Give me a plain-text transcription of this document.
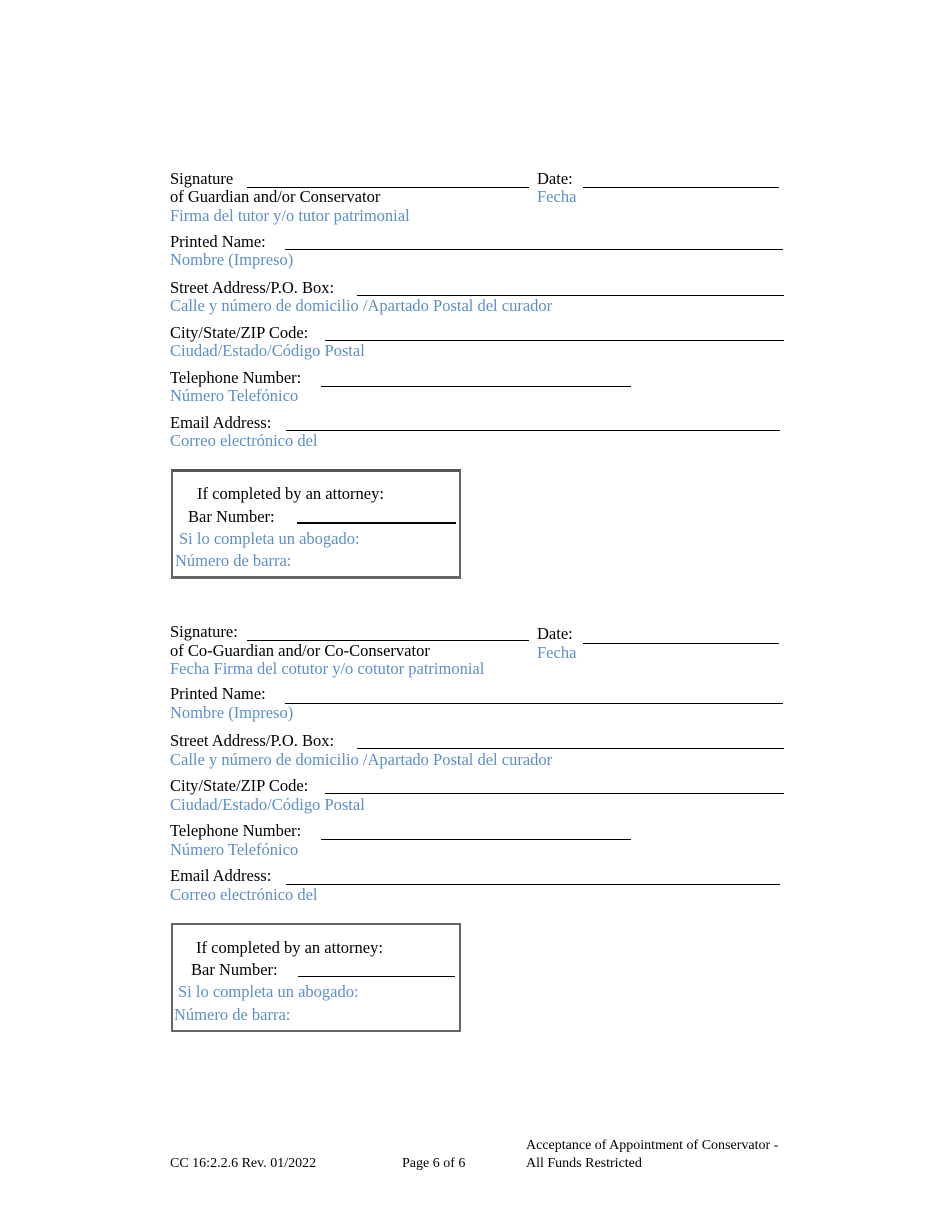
Signature
of Guardian and/or Conservator
Firma del tutor y/o tutor patrimonial
Date:
Fecha
Printed Name:
Nombre (Impreso)
Street Address/P.O. Box:
Calle y número de domicilio /Apartado Postal del curador
City/State/ZIP Code:
Ciudad/Estado/Código Postal
Telephone Number:
Número Telefónico
Email Address:
Correo electrónico del
If completed by an attorney:
Bar Number:
Si lo completa un abogado:
Número de barra:
Signature:
of Co-Guardian and/or Co-Conservator
Fecha Firma del cotutor y/o cotutor patrimonial
Date:
Fecha
Printed Name:
Nombre (Impreso)
Street Address/P.O. Box:
Calle y número de domicilio /Apartado Postal del curador
City/State/ZIP Code:
Ciudad/Estado/Código Postal
Telephone Number:
Número Telefónico
Email Address:
Correo electrónico del
If completed by an attorney:
Bar Number:
Si lo completa un abogado:
Número de barra:
CC 16:2.2.6 Rev. 01/2022	Page 6 of 6
Acceptance of Appointment of Conservator -
All Funds Restricted
